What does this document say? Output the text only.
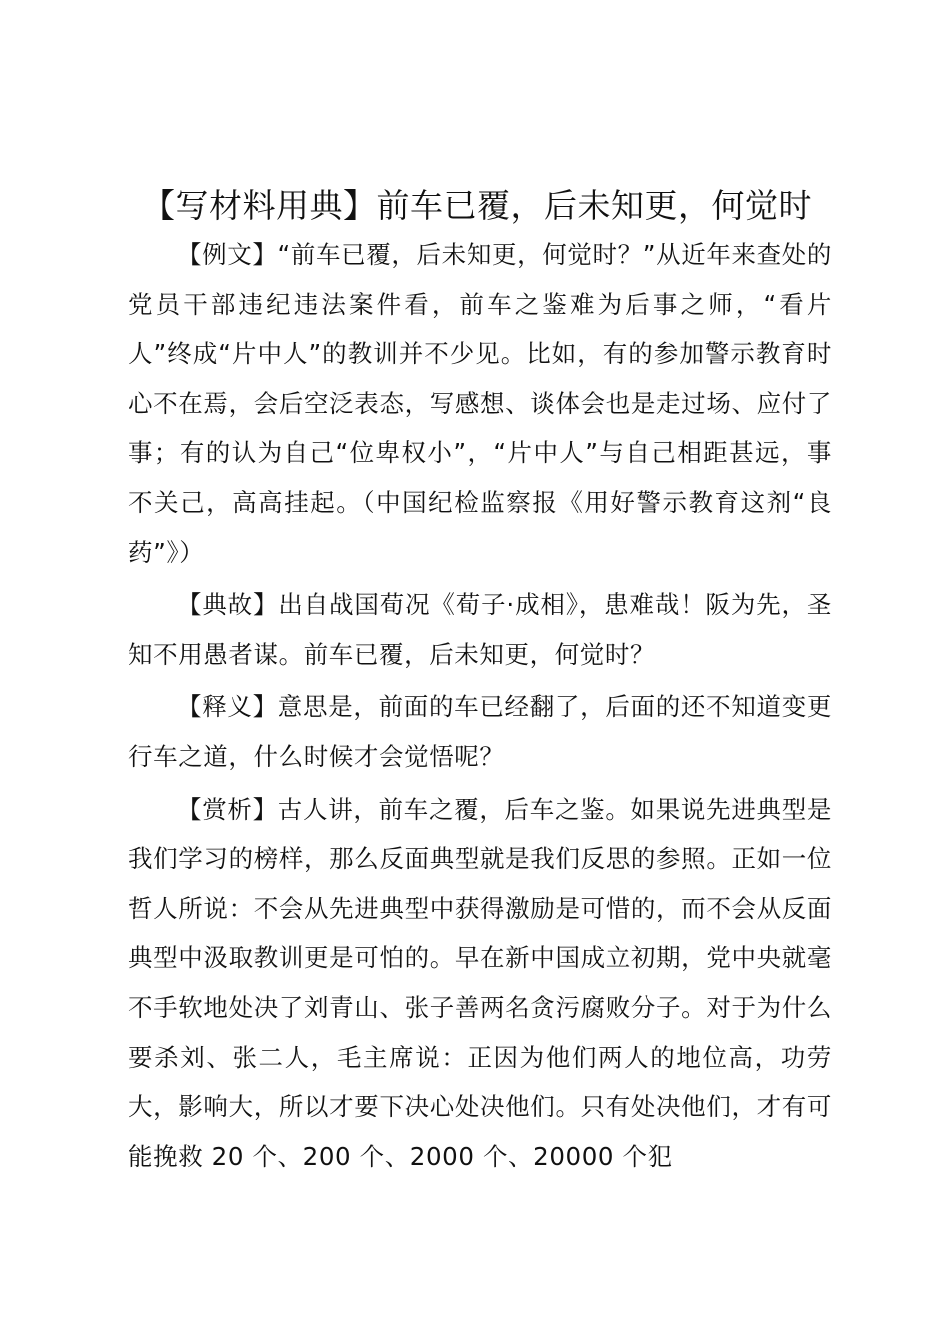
【写材料用典】前车已覆，后未知更，何觉时

【例文】“前车已覆，后未知更，何觉时？”从近年来查处的党员干部违纪违法案件看，前车之鉴难为后事之师，“看片人”终成“片中人”的教训并不少见。比如，有的参加警示教育时心不在焉，会后空泛表态，写感想、谈体会也是走过场、应付了事；有的认为自己“位卑权小”，“片中人”与自己相距甚远，事不关己，高高挂起。（中国纪检监察报《用好警示教育这剂“良药”》）

【典故】出自战国荀况《荀子·成相》，患难哉！阪为先，圣知不用愚者谋。前车已覆，后未知更，何觉时？

【释义】意思是，前面的车已经翻了，后面的还不知道变更行车之道，什么时候才会觉悟呢？

【赏析】古人讲，前车之覆，后车之鉴。如果说先进典型是我们学习的榜样，那么反面典型就是我们反思的参照。正如一位哲人所说：不会从先进典型中获得激励是可惜的，而不会从反面典型中汲取教训更是可怕的。早在新中国成立初期，党中央就毫不手软地处决了刘青山、张子善两名贪污腐败分子。对于为什么要杀刘、张二人，毛主席说：正因为他们两人的地位高，功劳大，影响大，所以才要下决心处决他们。只有处决他们，才有可能挽救 20 个、200 个、2000 个、20000 个犯
